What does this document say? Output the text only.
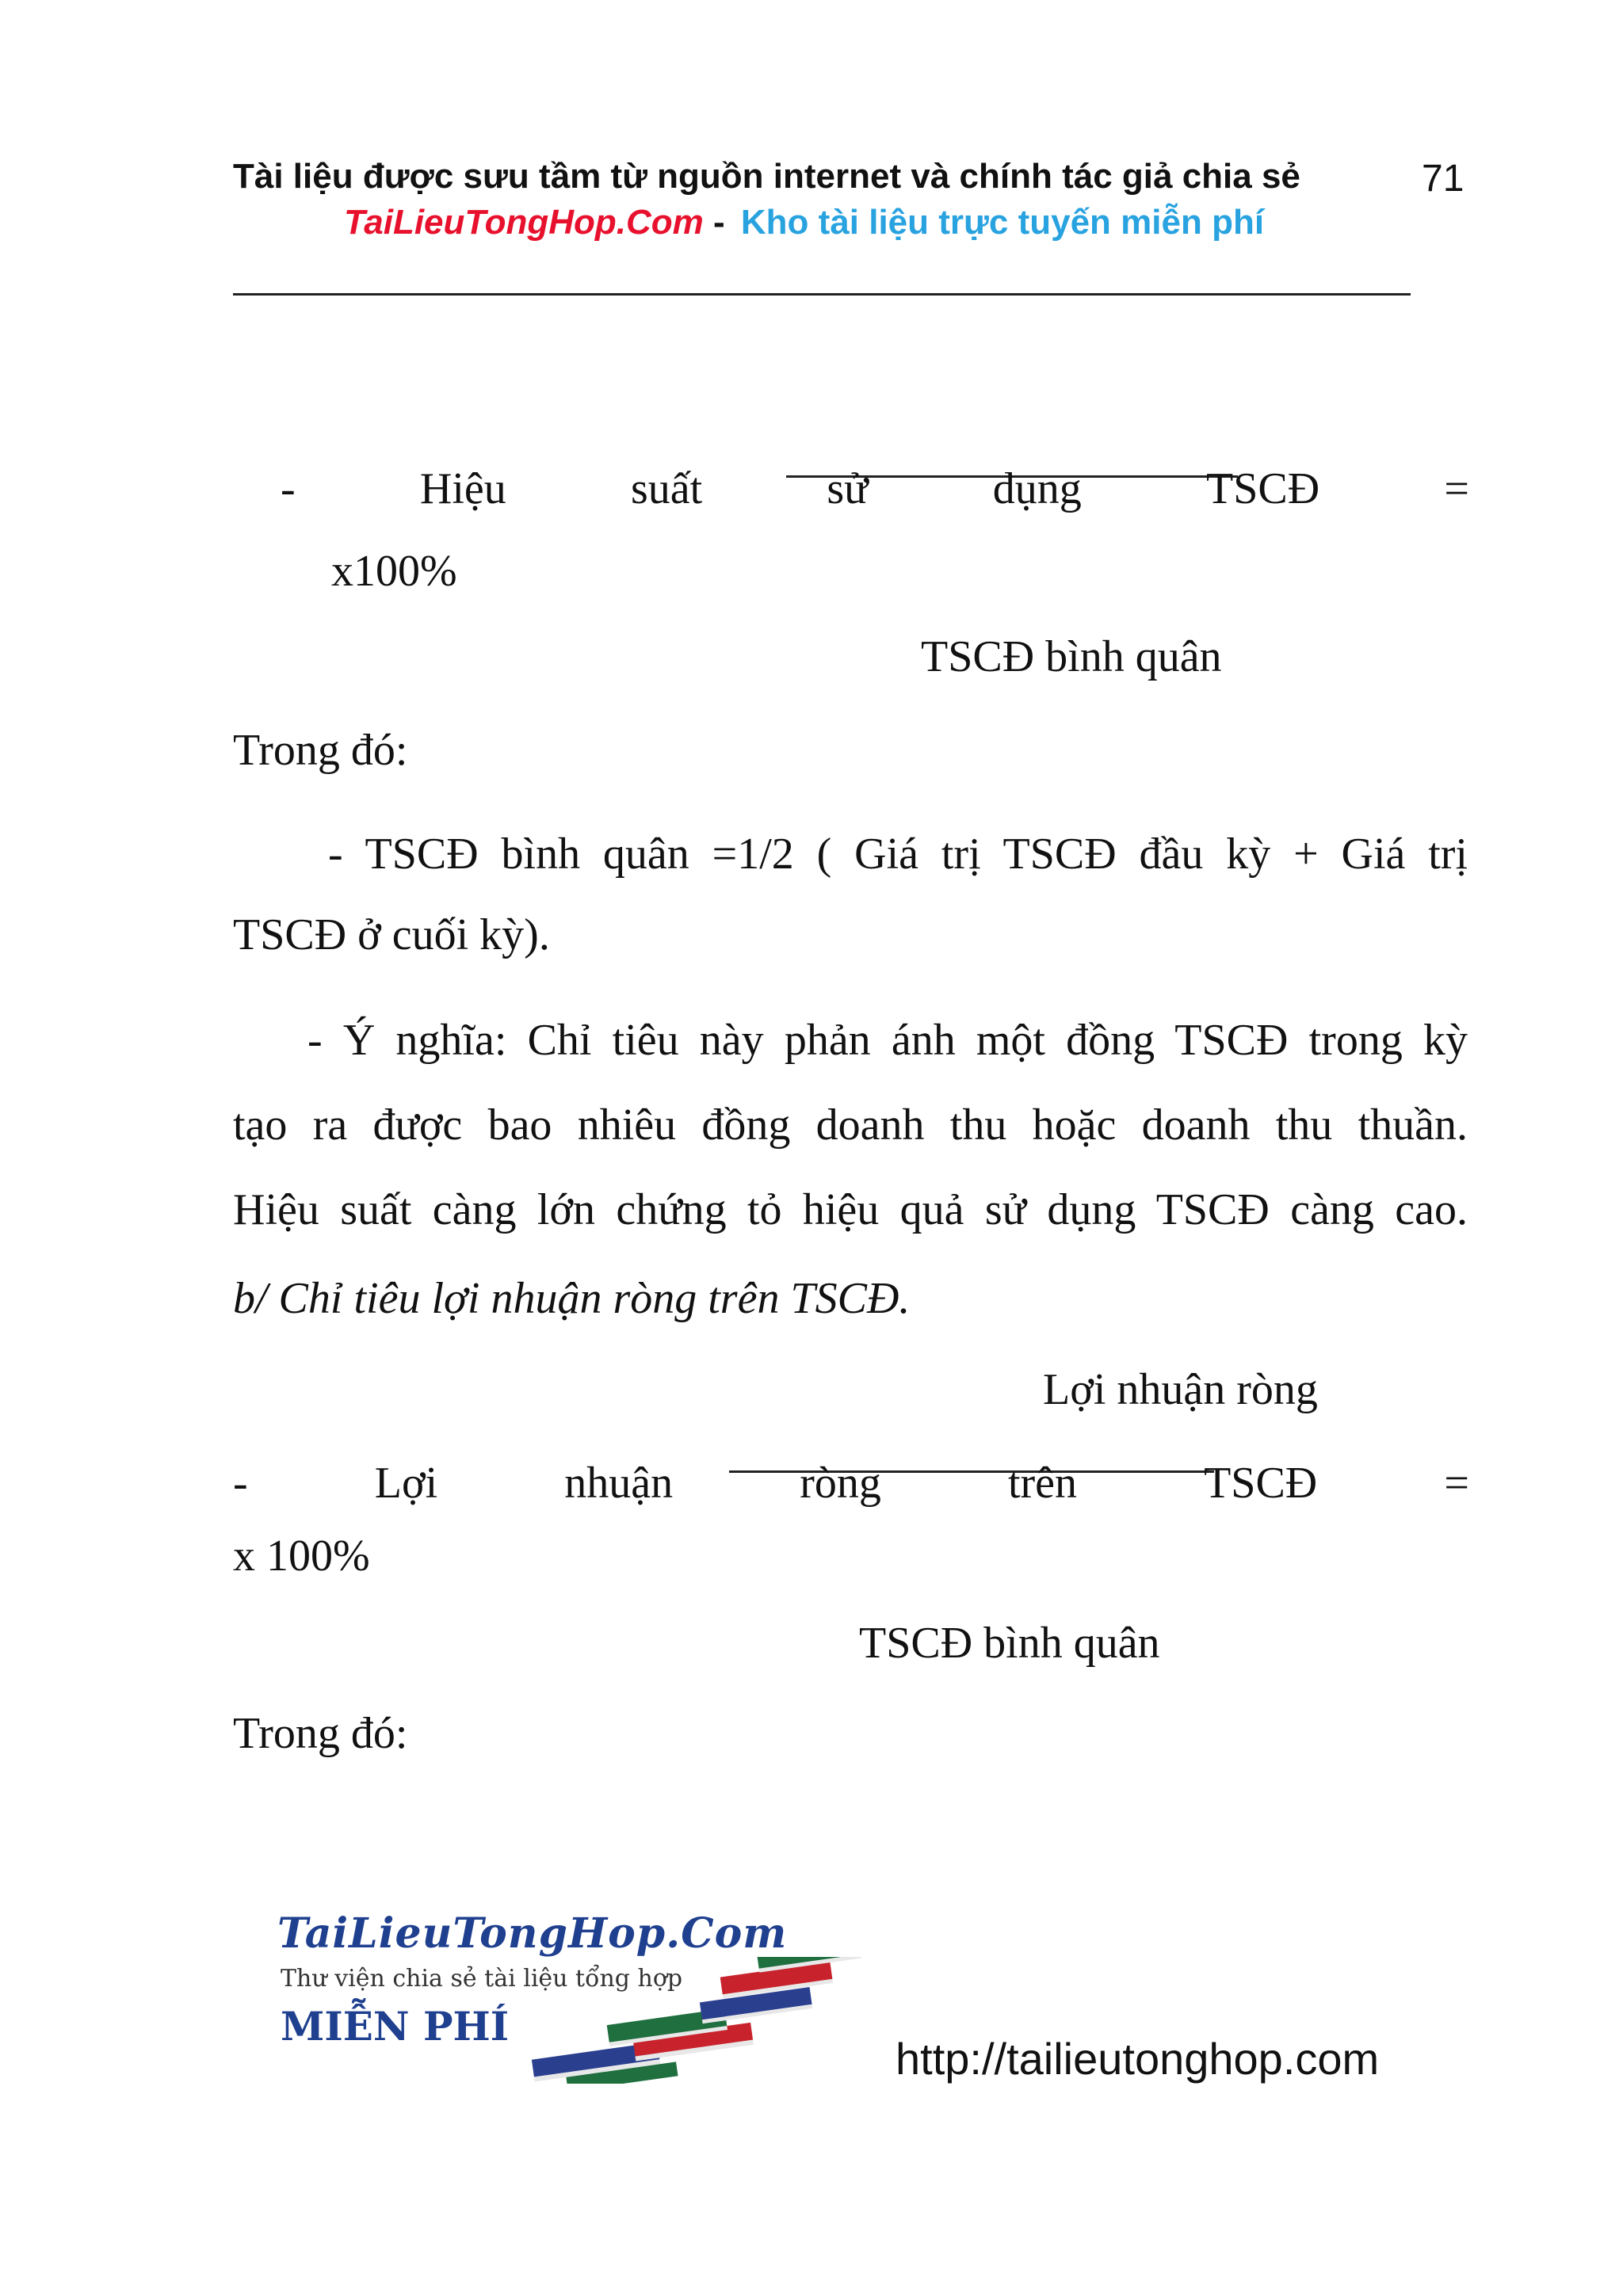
Tài liệu được sưu tầm từ nguồn internet và chính tác giả chia sẻ	71
TaiLieuTongHop.Com - Kho tài liệu trực tuyến miễn phí
-	Hiệu	suất	sử	dụng	TSCĐ	=
x100%
TSCĐ bình quân
Trong đó:
- TSCĐ bình quân =1/2 ( Giá trị TSCĐ đầu kỳ + Giá trị
TSCĐ ở cuối kỳ).
- Ý nghĩa: Chỉ tiêu này phản ánh một đồng TSCĐ trong kỳ
tạo ra được bao nhiêu đồng doanh thu hoặc doanh thu thuần.
Hiệu suất càng lớn chứng tỏ hiệu quả sử dụng TSCĐ càng cao.
b/ Chỉ tiêu lợi nhuận ròng trên TSCĐ.
Lợi nhuận ròng
-	Lợi	nhuận	ròng	trên	TSCĐ	=
x 100%
TSCĐ bình quân
Trong đó:
TaiLieuTongHop.Com
Thư viện chia sẻ tài liệu tổng hợp
MIỄN PHÍ
http://tailieutonghop.com
